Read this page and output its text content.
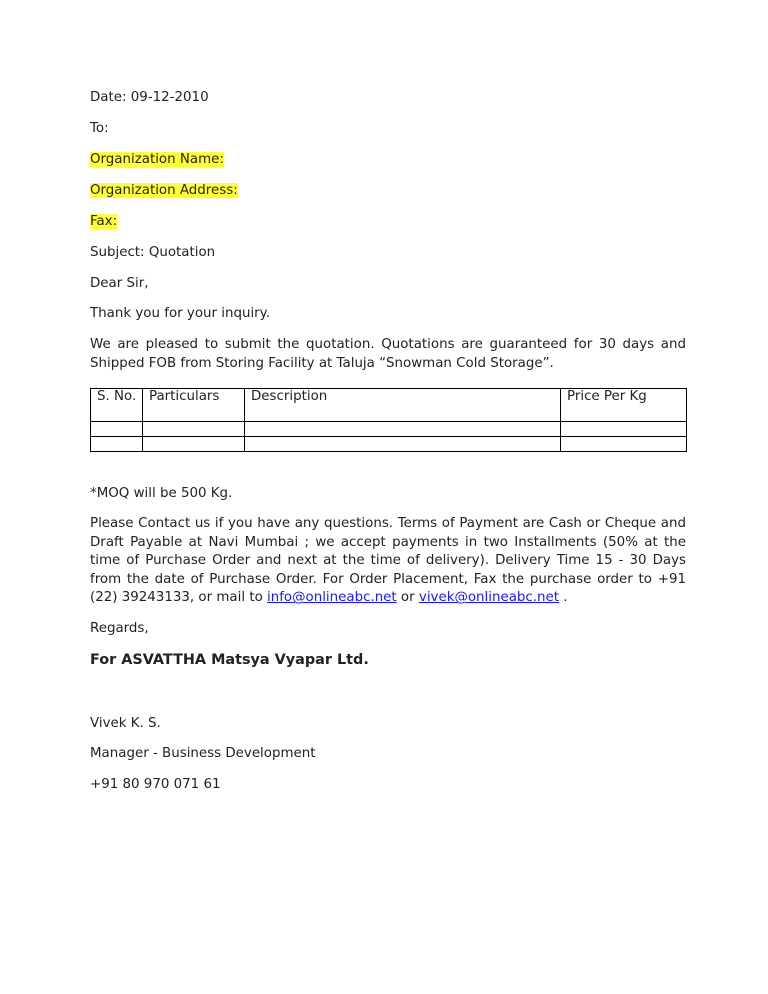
Date: 09-12-2010

To:

Organization Name:

Organization Address:

Fax:

Subject: Quotation

Dear Sir,

Thank you for your inquiry.

We are pleased to submit the quotation. Quotations are guaranteed for 30 days and Shipped FOB from Storing Facility at Taluja “Snowman Cold Storage”.

S. No.	Particulars	Description	Price Per Kg

*MOQ will be 500 Kg.

Please Contact us if you have any questions. Terms of Payment are Cash or Cheque and Draft Payable at Navi Mumbai ; we accept payments in two Installments (50% at the time of Purchase Order and next at the time of delivery). Delivery Time 15 - 30 Days from the date of Purchase Order. For Order Placement, Fax the purchase order to +91 (22) 39243133, or mail to info@onlineabc.net or vivek@onlineabc.net .

Regards,

For ASVATTHA Matsya Vyapar Ltd.

Vivek K. S.

Manager - Business Development

+91 80 970 071 61
